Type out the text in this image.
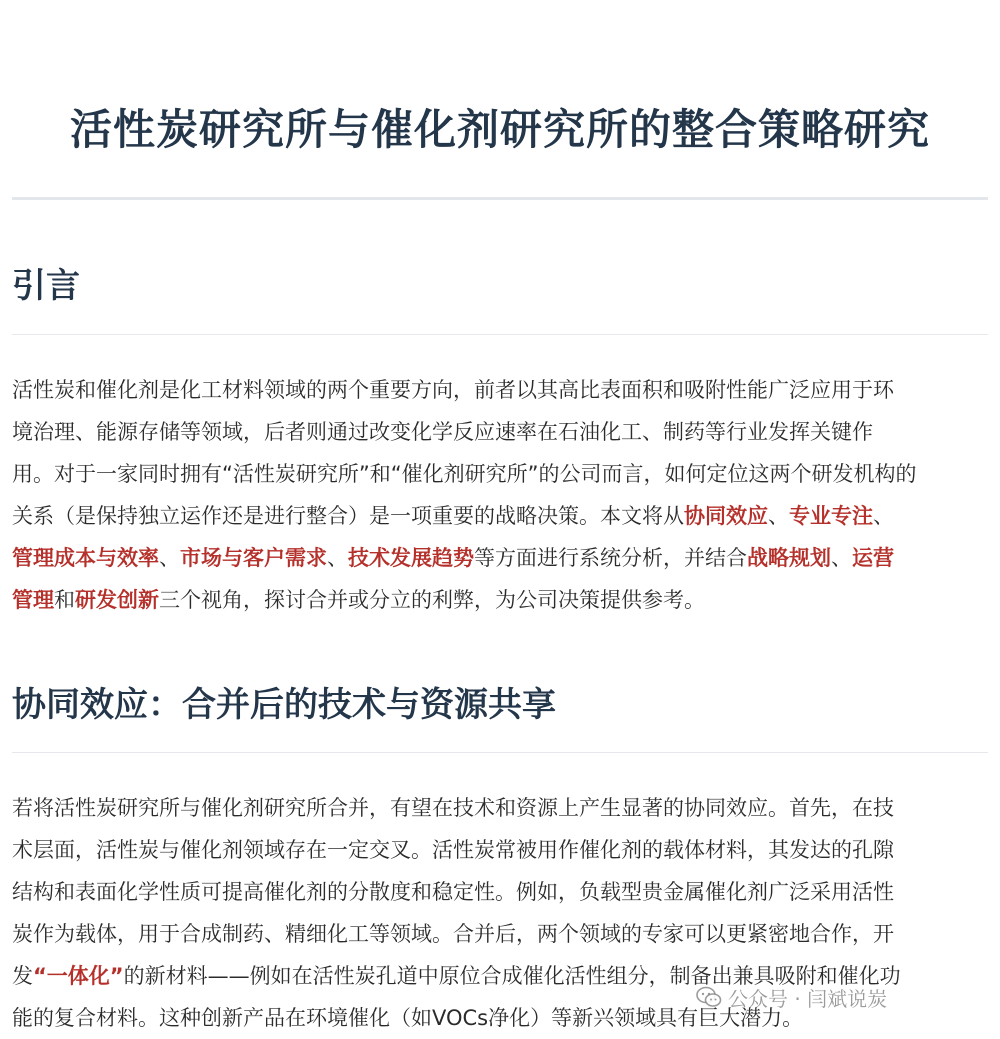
活性炭研究所与催化剂研究所的整合策略研究
引言
活性炭和催化剂是化工材料领域的两个重要方向，前者以其高比表面积和吸附性能广泛应用于环
境治理、能源存储等领域，后者则通过改变化学反应速率在石油化工、制药等行业发挥关键作
用。对于一家同时拥有“活性炭研究所”和“催化剂研究所”的公司而言，如何定位这两个研发机构的
关系（是保持独立运作还是进行整合）是一项重要的战略决策。本文将从协同效应、专业专注、
管理成本与效率、市场与客户需求、技术发展趋势等方面进行系统分析，并结合战略规划、运营
管理和研发创新三个视角，探讨合并或分立的利弊，为公司决策提供参考。
协同效应：合并后的技术与资源共享
若将活性炭研究所与催化剂研究所合并，有望在技术和资源上产生显著的协同效应。首先，在技
术层面，活性炭与催化剂领域存在一定交叉。活性炭常被用作催化剂的载体材料，其发达的孔隙
结构和表面化学性质可提高催化剂的分散度和稳定性。例如，负载型贵金属催化剂广泛采用活性
炭作为载体，用于合成制药、精细化工等领域。合并后，两个领域的专家可以更紧密地合作，开
发“一体化”的新材料——例如在活性炭孔道中原位合成催化活性组分，制备出兼具吸附和催化功
能的复合材料。这种创新产品在环境催化（如VOCs净化）等新兴领域具有巨大潜力。
公众号 · 闫斌说炭
